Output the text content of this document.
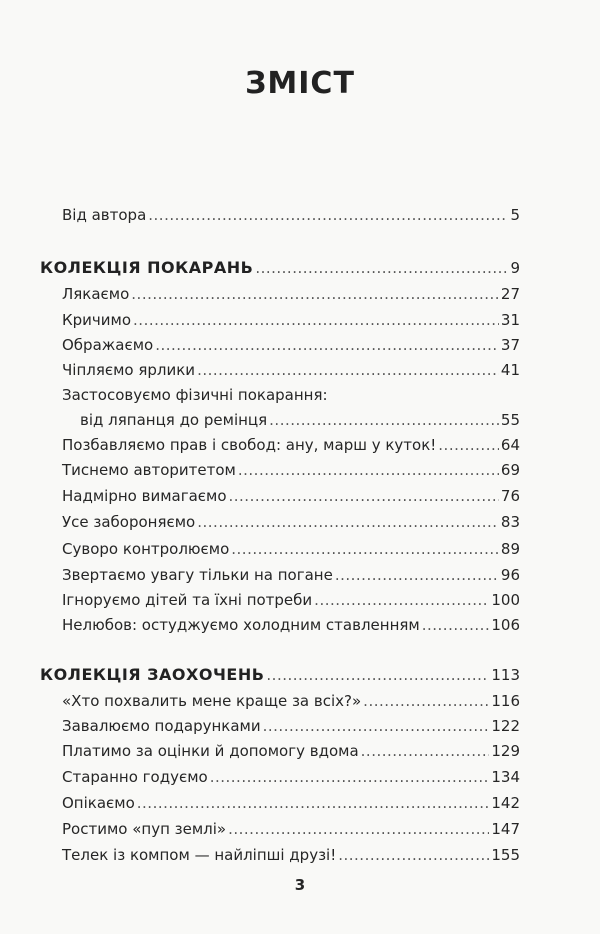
ЗМІСТ
Від автора .....	5
КОЛЕКЦІЯ ПОКАРАНЬ .....	9
Лякаємо .....	27
Кричимо .....	31
Ображаємо .....	37
Чіпляємо ярлики .....	41
Застосовуємо фізичні покарання:
від ляпанця до ремінця .....	55
Позбавляємо прав і свобод: ану, марш у куток! .....	64
Тиснемо авторитетом .....	69
Надмірно вимагаємо .....	76
Усе забороняємо .....	83
Суворо контролюємо .....	89
Звертаємо увагу тільки на погане .....	96
Ігноруємо дітей та їхні потреби .....	100
Нелюбов: остуджуємо холодним ставленням .....	106
КОЛЕКЦІЯ ЗАОХОЧЕНЬ .....	113
«Хто похвалить мене краще за всіх?» .....	116
Завалюємо подарунками .....	122
Платимо за оцінки й допомогу вдома .....	129
Старанно годуємо .....	134
Опікаємо .....	142
Ростимо «пуп землі» .....	147
Телек із компом — найліпші друзі! .....	155
3
